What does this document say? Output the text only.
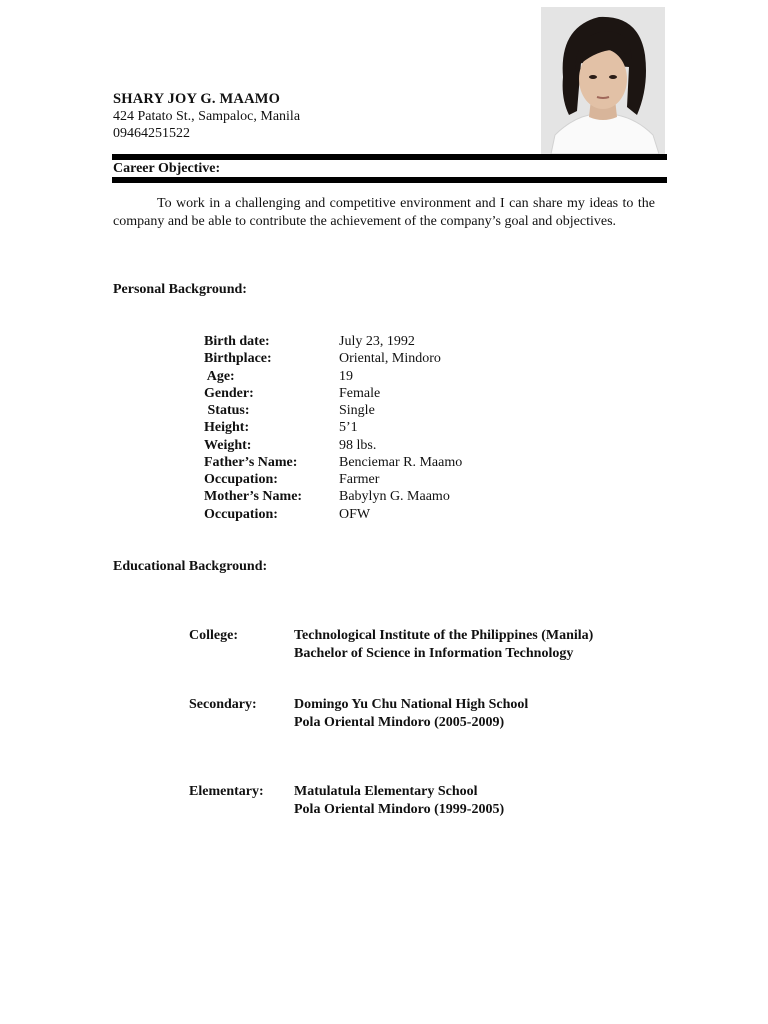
SHARY JOY G. MAAMO
424 Patato St., Sampaloc, Manila
09464251522
Career Objective:
To work in a challenging and competitive environment and I can share my ideas to the company and be able to contribute the achievement of the company’s goal and objectives.
Personal Background:
Birth date:	July 23, 1992
Birthplace:	Oriental, Mindoro
Age:	19
Gender:	Female
Status:	Single
Height:	5’1
Weight:	98 lbs.
Father’s Name:	Benciemar R. Maamo
Occupation:	Farmer
Mother’s Name:	Babylyn G. Maamo
Occupation:	OFW
Educational Background:
College:	Technological Institute of the Philippines (Manila)
Bachelor of Science in Information Technology
Secondary:	Domingo Yu Chu National High School
Pola Oriental Mindoro (2005-2009)
Elementary: Matulatula Elementary School
Pola Oriental Mindoro (1999-2005)
